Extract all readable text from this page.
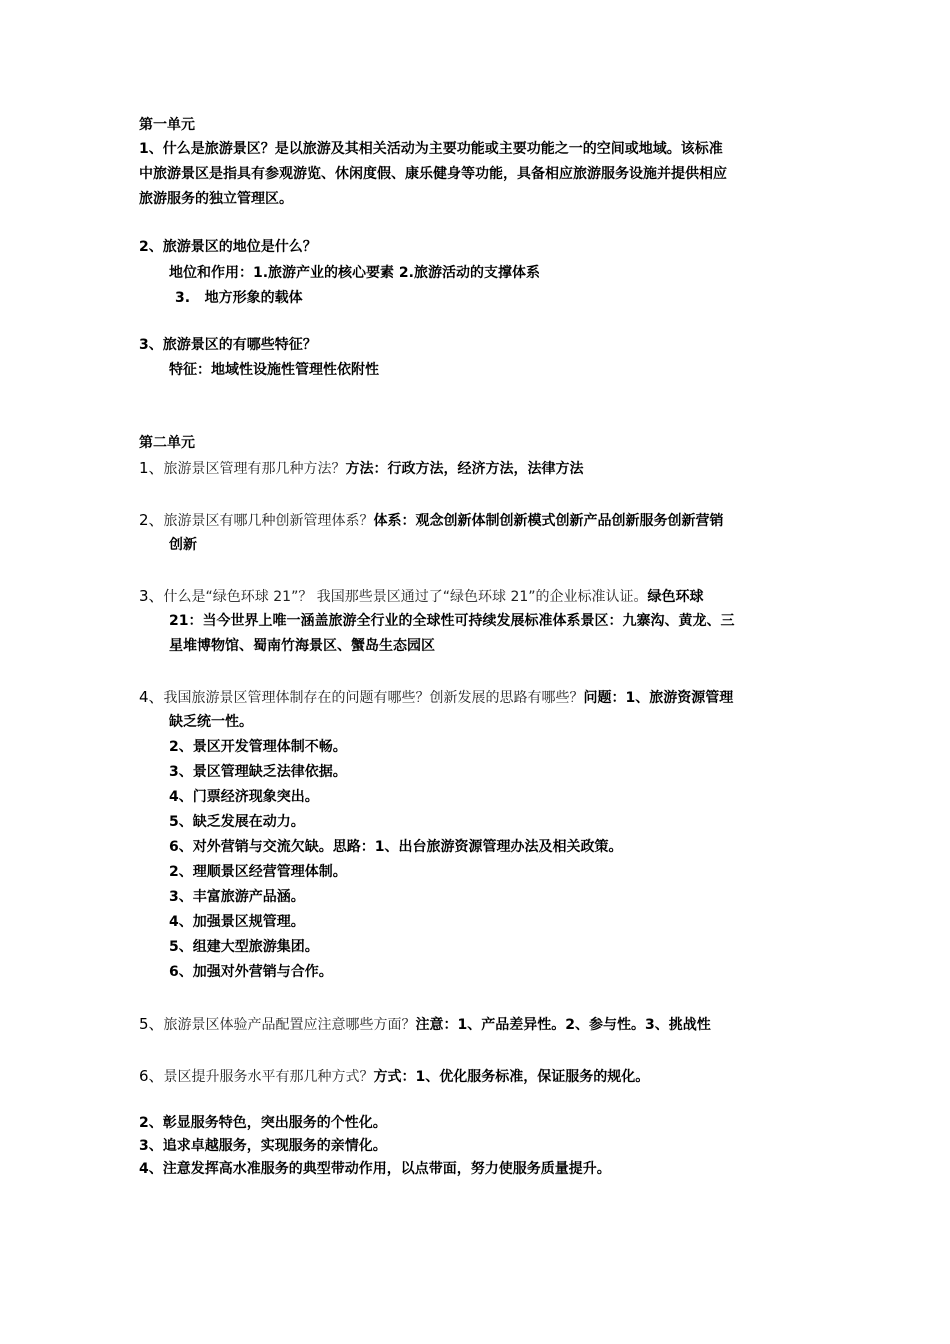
第一单元
1、什么是旅游景区？是以旅游及其相关活动为主要功能或主要功能之一的空间或地域。该标准
中旅游景区是指具有参观游览、休闲度假、康乐健身等功能，具备相应旅游服务设施并提供相应
旅游服务的独立管理区。
2、旅游景区的地位是什么？
地位和作用：1.旅游产业的核心要素 2.旅游活动的支撑体系
3.   地方形象的载体
3、旅游景区的有哪些特征？
特征：地域性设施性管理性依附性
第二单元
1、旅游景区管理有那几种方法？方法：行政方法，经济方法，法律方法
2、旅游景区有哪几种创新管理体系？体系：观念创新体制创新模式创新产品创新服务创新营销
创新
3、什么是“绿色环球 21”？ 我国那些景区通过了“绿色环球 21”的企业标准认证。绿色环球
21：当今世界上唯一涵盖旅游全行业的全球性可持续发展标准体系景区：九寨沟、黄龙、三
星堆博物馆、蜀南竹海景区、蟹岛生态园区
4、我国旅游景区管理体制存在的问题有哪些？创新发展的思路有哪些？问题：1、旅游资源管理
缺乏统一性。
2、景区开发管理体制不畅。
3、景区管理缺乏法律依据。
4、门票经济现象突出。
5、缺乏发展在动力。
6、对外营销与交流欠缺。思路：1、出台旅游资源管理办法及相关政策。
2、理顺景区经营管理体制。
3、丰富旅游产品涵。
4、加强景区规管理。
5、组建大型旅游集团。
6、加强对外营销与合作。
5、旅游景区体验产品配置应注意哪些方面？注意：1、产品差异性。2、参与性。3、挑战性
6、景区提升服务水平有那几种方式？方式：1、优化服务标准，保证服务的规化。
2、彰显服务特色，突出服务的个性化。
3、追求卓越服务，实现服务的亲情化。
4、注意发挥高水准服务的典型带动作用，以点带面，努力使服务质量提升。
